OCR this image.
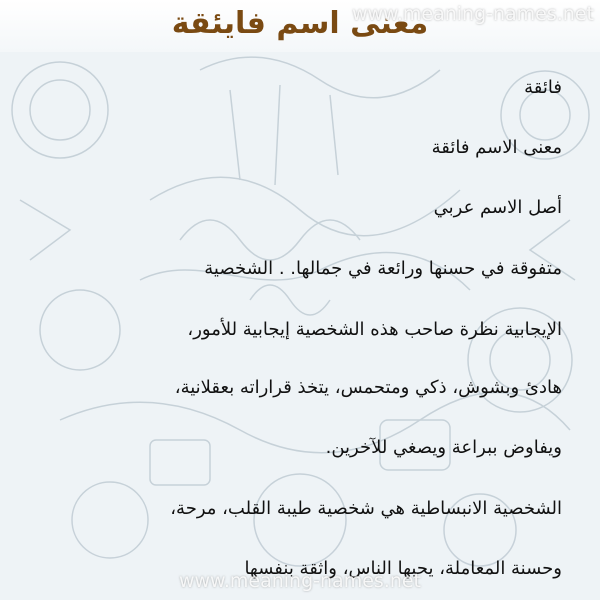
معنى اسم فايئقة
www.meaning-names.net
فائقة
معنى الاسم فائقة
أصل الاسم عربي
متفوقة في حسنها ورائعة في جمالها. . الشخصية
الإيجابية نظرة صاحب هذه الشخصية إيجابية للأمور،
هادئ وبشوش، ذكي ومتحمس، يتخذ قراراته بعقلانية،
ويفاوض ببراعة ويصغي للآخرين.
الشخصية الانبساطية هي شخصية طيبة القلب، مرحة،
وحسنة المعاملة، يحبها الناس، واثقة بنفسها
www.meaning-names.net
